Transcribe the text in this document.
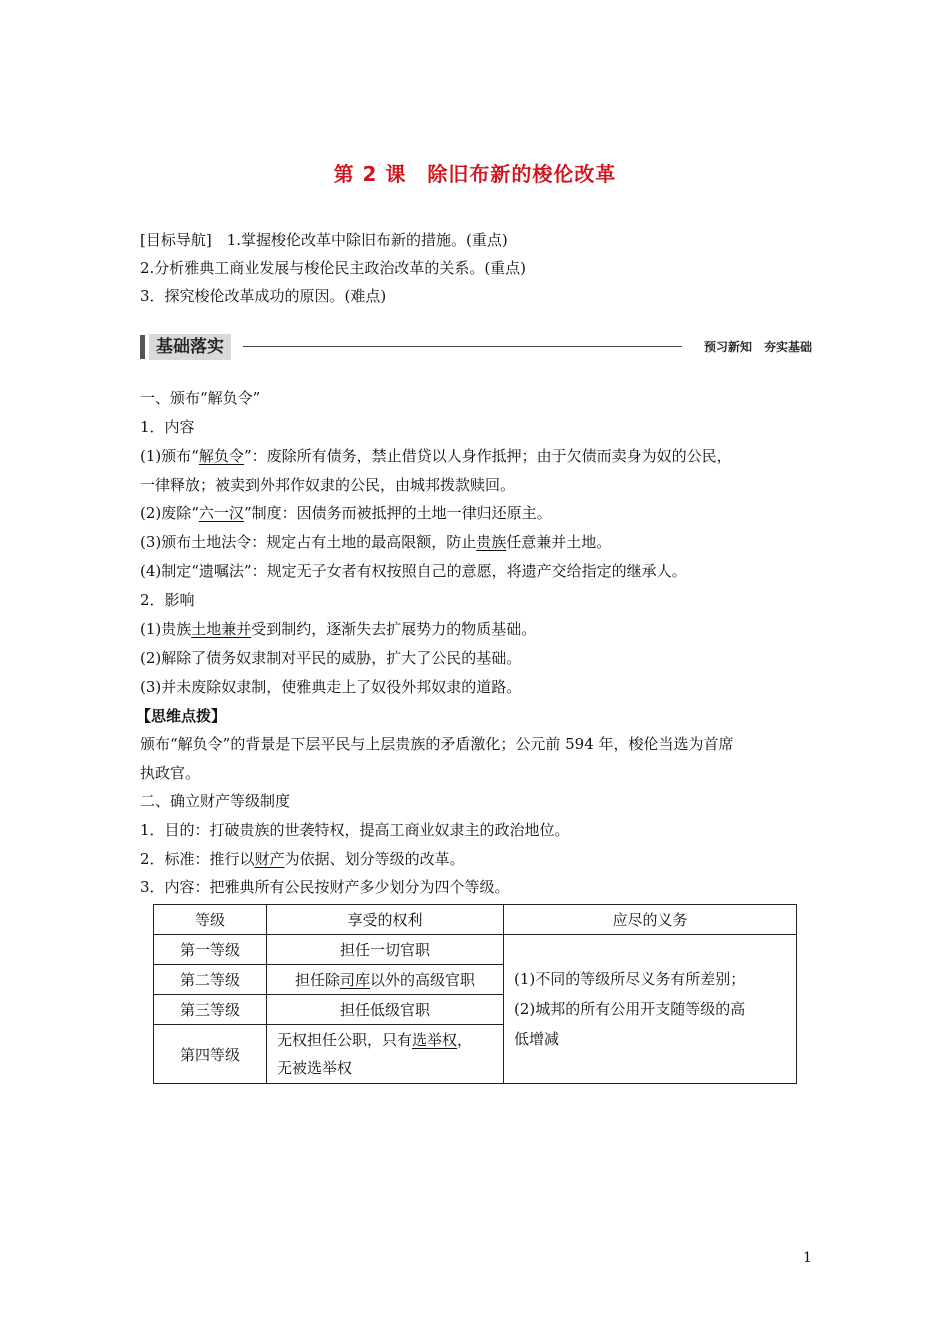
第 2 课　除旧布新的梭伦改革
[目标导航]　1.掌握梭伦改革中除旧布新的措施。(重点)
2.分析雅典工商业发展与梭伦民主政治改革的关系。(重点)
3．探究梭伦改革成功的原因。(难点)
基础落实	预习新知　夯实基础
一、颁布“解负令”
1．内容
(1)颁布“解负令”：废除所有债务，禁止借贷以人身作抵押；由于欠债而卖身为奴的公民，
一律释放；被卖到外邦作奴隶的公民，由城邦拨款赎回。
(2)废除“六一汉”制度：因债务而被抵押的土地一律归还原主。
(3)颁布土地法令：规定占有土地的最高限额，防止贵族任意兼并土地。
(4)制定“遗嘱法”：规定无子女者有权按照自己的意愿，将遗产交给指定的继承人。
2．影响
(1)贵族土地兼并受到制约，逐渐失去扩展势力的物质基础。
(2)解除了债务奴隶制对平民的威胁，扩大了公民的基础。
(3)并未废除奴隶制，使雅典走上了奴役外邦奴隶的道路。
【思维点拨】
颁布“解负令”的背景是下层平民与上层贵族的矛盾激化；公元前 594 年，梭伦当选为首席
执政官。
二、确立财产等级制度
1．目的：打破贵族的世袭特权，提高工商业奴隶主的政治地位。
2．标准：推行以财产为依据、划分等级的改革。
3．内容：把雅典所有公民按财产多少划分为四个等级。
等级	享受的权利	应尽的义务
第一等级	担任一切官职	(1)不同的等级所尽义务有所差别；
(2)城邦的所有公用开支随等级的高
低增减

第二等级	担任除司库以外的高级官职	
第三等级	担任低级官职	
第四等级	无权担任公职，只有选举权，
无被选举权	
1
